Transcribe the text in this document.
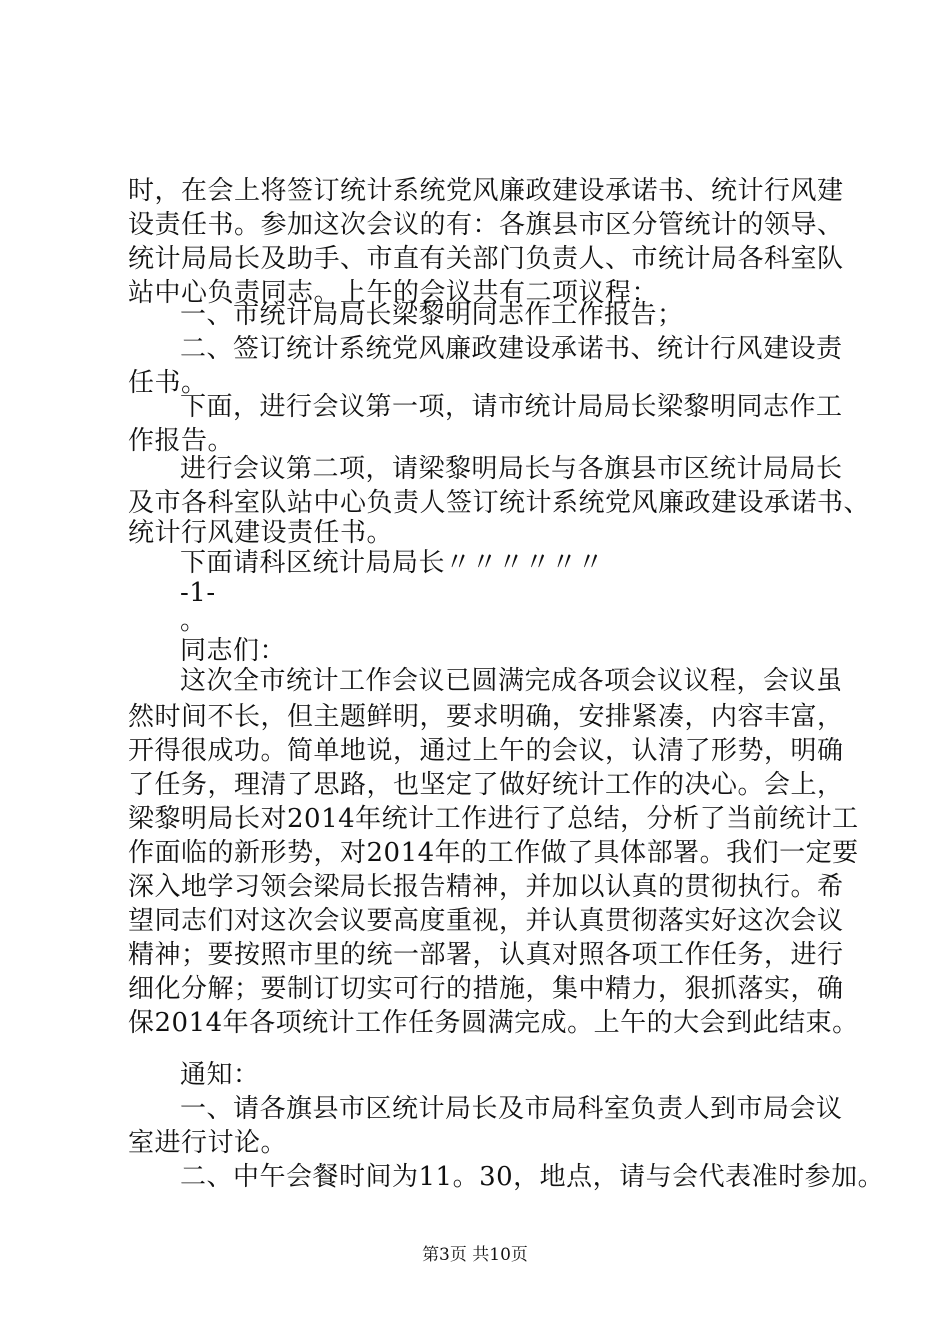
时，在会上将签订统计系统党风廉政建设承诺书、统计行风建
设责任书。参加这次会议的有：各旗县市区分管统计的领导、
统计局局长及助手、市直有关部门负责人、市统计局各科室队
站中心负责同志。上午的会议共有二项议程：
一、市统计局局长梁黎明同志作工作报告；
二、签订统计系统党风廉政建设承诺书、统计行风建设责
任书。
下面，进行会议第一项，请市统计局局长梁黎明同志作工
作报告。
进行会议第二项，请梁黎明局长与各旗县市区统计局局长
及市各科室队站中心负责人签订统计系统党风廉政建设承诺书、
统计行风建设责任书。
下面请科区统计局局长〃〃〃〃〃〃
-1-
。
同志们：
这次全市统计工作会议已圆满完成各项会议议程，会议虽
然时间不长，但主题鲜明，要求明确，安排紧凑，内容丰富，
开得很成功。简单地说，通过上午的会议，认清了形势，明确
了任务，理清了思路，也坚定了做好统计工作的决心。会上，
梁黎明局长对2014年统计工作进行了总结，分析了当前统计工
作面临的新形势，对2014年的工作做了具体部署。我们一定要
深入地学习领会梁局长报告精神，并加以认真的贯彻执行。希
望同志们对这次会议要高度重视，并认真贯彻落实好这次会议
精神；要按照市里的统一部署，认真对照各项工作任务，进行
细化分解；要制订切实可行的措施，集中精力，狠抓落实，确
保2014年各项统计工作任务圆满完成。上午的大会到此结束。
通知：
一、请各旗县市区统计局长及市局科室负责人到市局会议
室进行讨论。
二、中午会餐时间为11。30，地点，请与会代表准时参加。
第3页 共10页
